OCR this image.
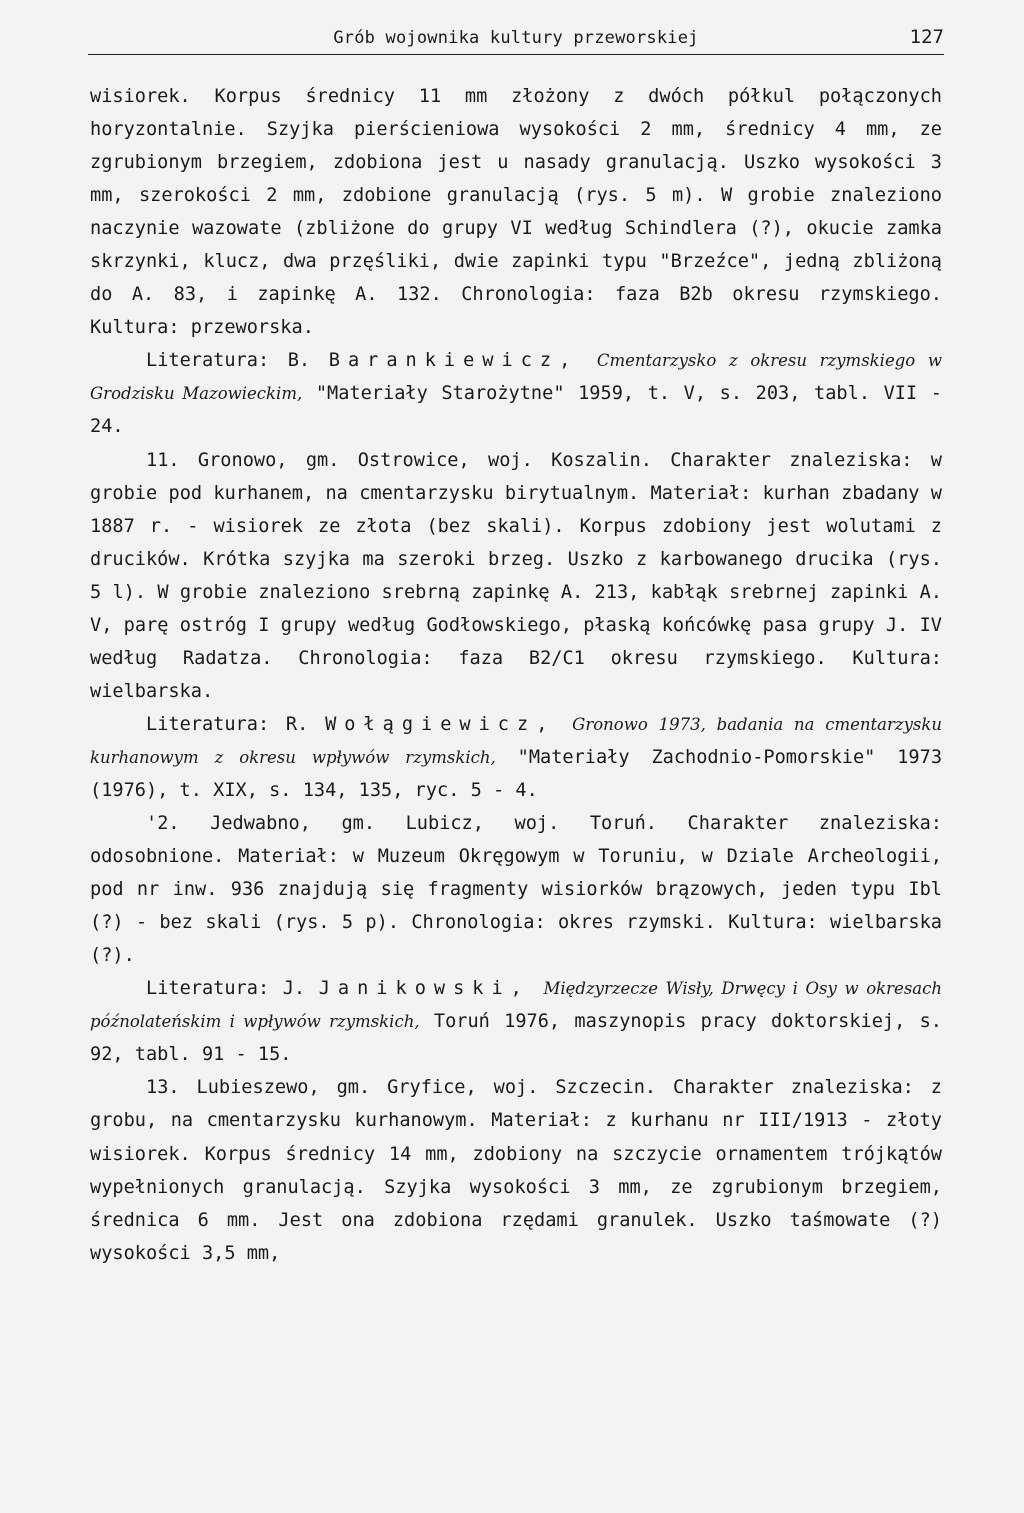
Grób wojownika kultury przeworskiej	127

wisiorek. Korpus średnicy 11 mm złożony z dwóch półkul połączonych horyzontalnie. Szyjka pierścieniowa wysokości 2 mm, średnicy 4 mm, ze zgrubionym brzegiem, zdobiona jest u nasady granulacją. Uszko wysokości 3 mm, szerokości 2 mm, zdobione granulacją (rys. 5 m). W grobie znaleziono naczynie wazowate (zbliżone do grupy VI według Schindlera (?), okucie zamka skrzynki, klucz, dwa przęśliki, dwie zapinki typu "Brzeźce", jedną zbliżoną do A. 83, i zapinkę A. 132. Chronologia: faza B2b okresu rzymskiego. Kultura: przeworska.

Literatura: B. Barankiewicz, Cmentarzysko z okresu rzymskiego w Grodzisku Mazowieckim, "Materiały Starożytne" 1959, t. V, s. 203, tabl. VII - 24.

11. Gronowo, gm. Ostrowice, woj. Koszalin. Charakter znaleziska: w grobie pod kurhanem, na cmentarzysku birytualnym. Materiał: kurhan zbadany w 1887 r. - wisiorek ze złota (bez skali). Korpus zdobiony jest wolutami z drucików. Krótka szyjka ma szeroki brzeg. Uszko z karbowanego drucika (rys. 5 l). W grobie znaleziono srebrną zapinkę A. 213, kabłąk srebrnej zapinki A. V, parę ostróg I grupy według Godłowskiego, płaską końcówkę pasa grupy J. IV według Radatza. Chronologia: faza B2/C1 okresu rzymskiego. Kultura: wielbarska.

Literatura: R. Wołągiewicz, Gronowo 1973, badania na cmentarzysku kurhanowym z okresu wpływów rzymskich, "Materiały Zachodnio-Pomorskie" 1973 (1976), t. XIX, s. 134, 135, ryc. 5 - 4.

'2. Jedwabno, gm. Lubicz, woj. Toruń. Charakter znaleziska: odosobnione. Materiał: w Muzeum Okręgowym w Toruniu, w Dziale Archeologii, pod nr inw. 936 znajdują się fragmenty wisiorków brązowych, jeden typu Ibl (?) - bez skali (rys. 5 p). Chronologia: okres rzymski. Kultura: wielbarska (?).

Literatura: J. Janikowski, Międzyrzecze Wisły, Drwęcy i Osy w okresach późnolateńskim i wpływów rzymskich, Toruń 1976, maszynopis pracy doktorskiej, s. 92, tabl. 91 - 15.

13. Lubieszewo, gm. Gryfice, woj. Szczecin. Charakter znaleziska: z grobu, na cmentarzysku kurhanowym. Materiał: z kurhanu nr III/1913 - złoty wisiorek. Korpus średnicy 14 mm, zdobiony na szczycie ornamentem trójkątów wypełnionych granulacją. Szyjka wysokości 3 mm, ze zgrubionym brzegiem, średnica 6 mm. Jest ona zdobiona rzędami granulek. Uszko taśmowate (?) wysokości 3,5 mm,
